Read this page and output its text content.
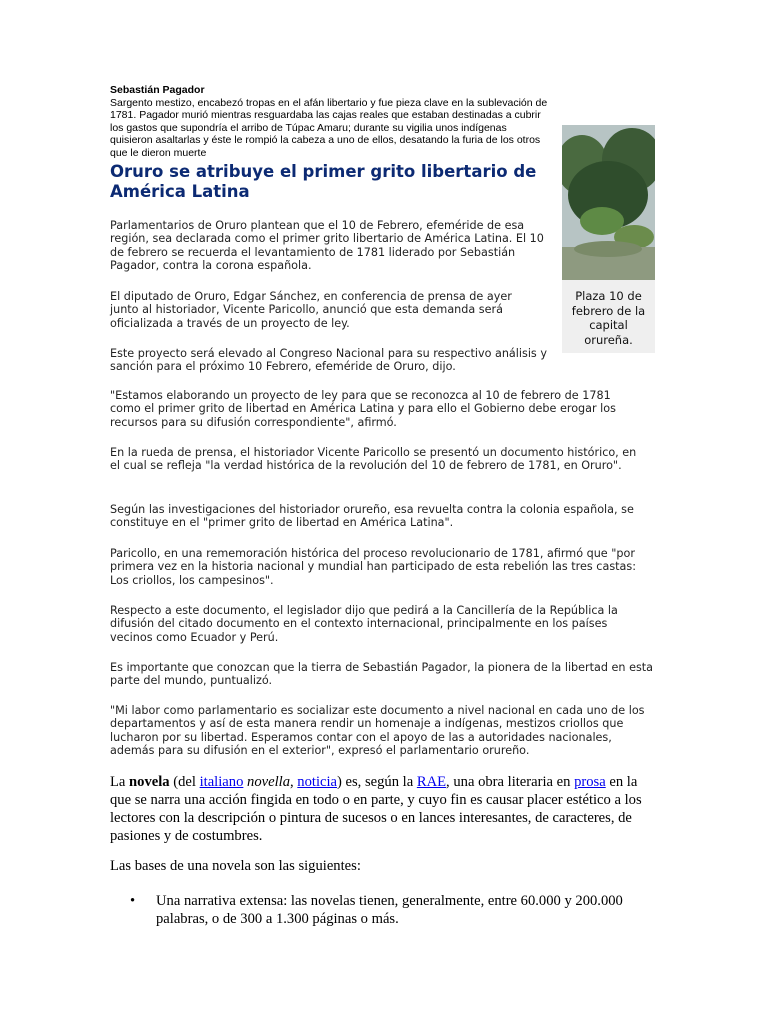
Sebastián Pagador
Sargento mestizo, encabezó tropas en el afán libertario y fue pieza clave en la sublevación de 1781. Pagador murió mientras resguardaba las cajas reales que estaban destinadas a cubrir los gastos que supondría el arribo de Túpac Amaru; durante su vigilia unos indígenas quisieron asaltarlas y éste le rompió la cabeza a uno de ellos, desatando la furia de los otros que le dieron muerte
Plaza 10 de febrero de la capital orureña.
Oruro se atribuye el primer grito libertario de América Latina
Parlamentarios de Oruro plantean que el 10 de Febrero, efeméride de esa región, sea declarada como el primer grito libertario de América Latina. El 10 de febrero se recuerda el levantamiento de 1781 liderado por Sebastián Pagador, contra la corona española.
El diputado de Oruro, Edgar Sánchez, en conferencia de prensa de ayer junto al historiador, Vicente Paricollo, anunció que esta demanda será oficializada a través de un proyecto de ley.
Este proyecto será elevado al Congreso Nacional para su respectivo análisis y sanción para el próximo 10 Febrero, efeméride de Oruro, dijo.
"Estamos elaborando un proyecto de ley para que se reconozca al 10 de febrero de 1781 como el primer grito de libertad en América Latina y para ello el Gobierno debe erogar los recursos para su difusión correspondiente", afirmó.
En la rueda de prensa, el historiador Vicente Paricollo se presentó un documento histórico, en el cual se refleja "la verdad histórica de la revolución del 10 de febrero de 1781, en Oruro".
Según las investigaciones del historiador orureño, esa revuelta contra la colonia española, se constituye en el "primer grito de libertad en América Latina".
Paricollo, en una rememoración histórica del proceso revolucionario de 1781, afirmó que "por primera vez en la historia nacional y mundial han participado de esta rebelión las tres castas: Los criollos, los campesinos".
Respecto a este documento, el legislador dijo que pedirá a la Cancillería de la República la difusión del citado documento en el contexto internacional, principalmente en los países vecinos como Ecuador y Perú.
Es importante que conozcan que la tierra de Sebastián Pagador, la pionera de la libertad en esta parte del mundo, puntualizó.
"Mi labor como parlamentario es socializar este documento a nivel nacional en cada uno de los departamentos y así de esta manera rendir un homenaje a indígenas, mestizos criollos que lucharon por su libertad. Esperamos contar con el apoyo de las a autoridades nacionales, además para su difusión en el exterior", expresó el parlamentario orureño.
La novela (del italiano novella, noticia) es, según la RAE, una obra literaria en prosa en la que se narra una acción fingida en todo o en parte, y cuyo fin es causar placer estético a los lectores con la descripción o pintura de sucesos o en lances interesantes, de caracteres, de pasiones y de costumbres.
Las bases de una novela son las siguientes:
• Una narrativa extensa: las novelas tienen, generalmente, entre 60.000 y 200.000 palabras, o de 300 a 1.300 páginas o más.
